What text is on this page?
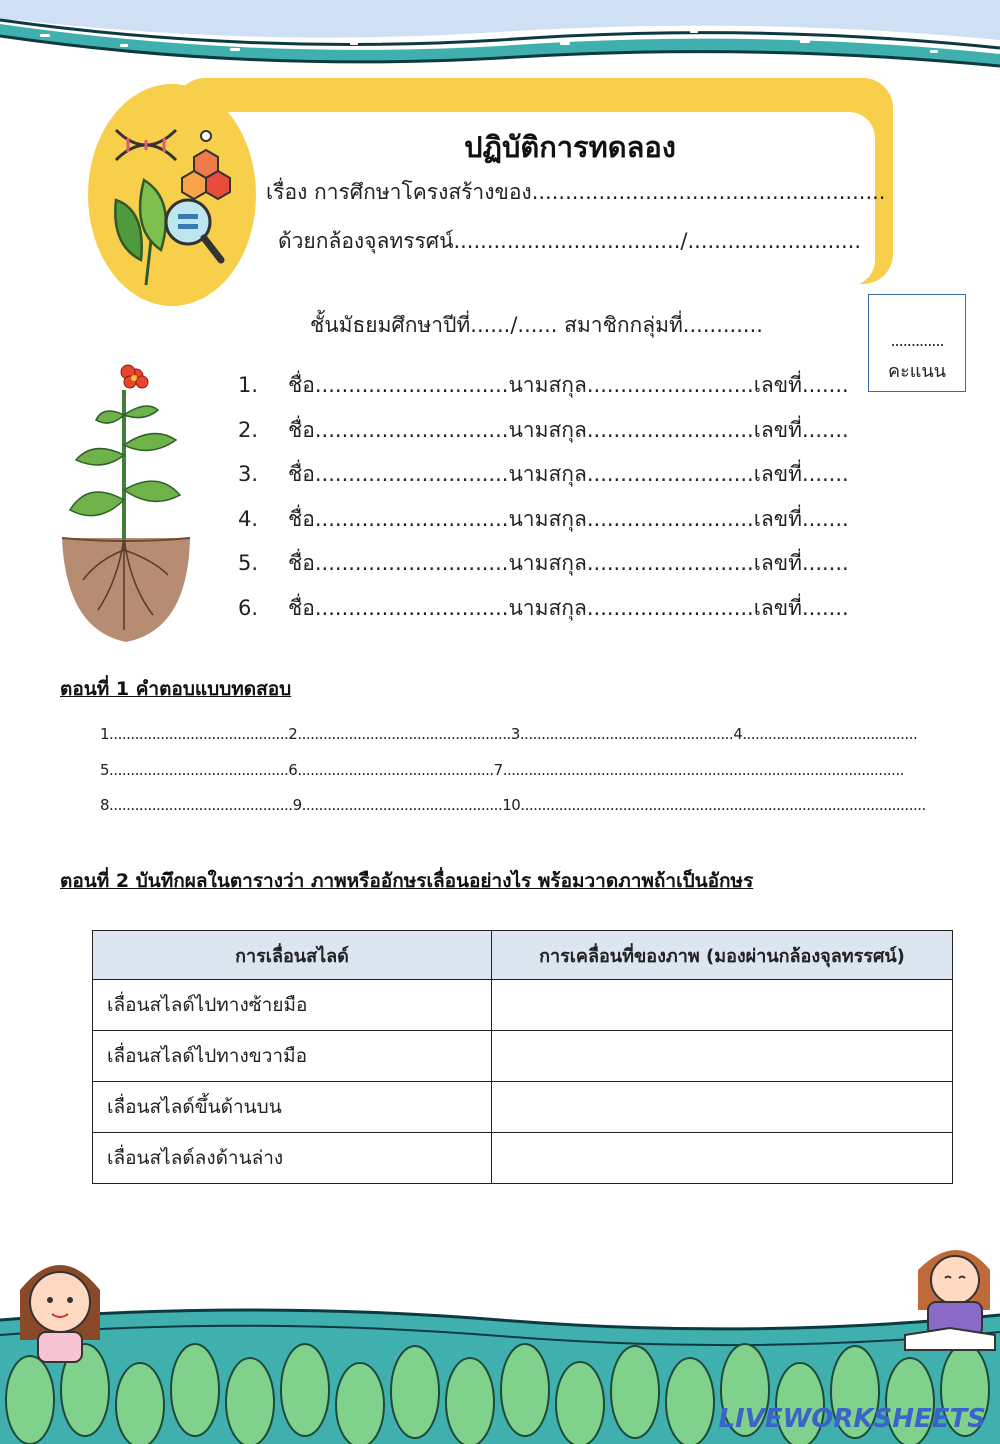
ปฏิบัติการทดลอง
เรื่อง การศึกษาโครงสร้างของ.....................................................
ด้วยกล้องจุลทรรศน์................................../..........................
.............
คะแนน
ชั้นมัธยมศึกษาปีที่....../...... สมาชิกกลุ่มที่............
1. ชื่อ.............................นามสกุล.........................เลขที่.......
2. ชื่อ.............................นามสกุล.........................เลขที่.......
3. ชื่อ.............................นามสกุล.........................เลขที่.......
4. ชื่อ.............................นามสกุล.........................เลขที่.......
5. ชื่อ.............................นามสกุล.........................เลขที่.......
6. ชื่อ.............................นามสกุล.........................เลขที่.......
ตอนที่ 1 คำตอบแบบทดสอบ
1..........................................2..................................................3..................................................4.........................................
5..........................................6..............................................7..............................................................................................
8...........................................9...............................................10...............................................................................................
ตอนที่ 2 บันทึกผลในตารางว่า ภาพหรืออักษรเลื่อนอย่างไร พร้อมวาดภาพถ้าเป็นอักษร
การเลื่อนสไลด์	การเคลื่อนที่ของภาพ (มองผ่านกล้องจุลทรรศน์)
เลื่อนสไลด์ไปทางซ้ายมือ	
เลื่อนสไลด์ไปทางขวามือ	
เลื่อนสไลด์ขึ้นด้านบน	
เลื่อนสไลด์ลงด้านล่าง	
LIVEWORKSHEETS
